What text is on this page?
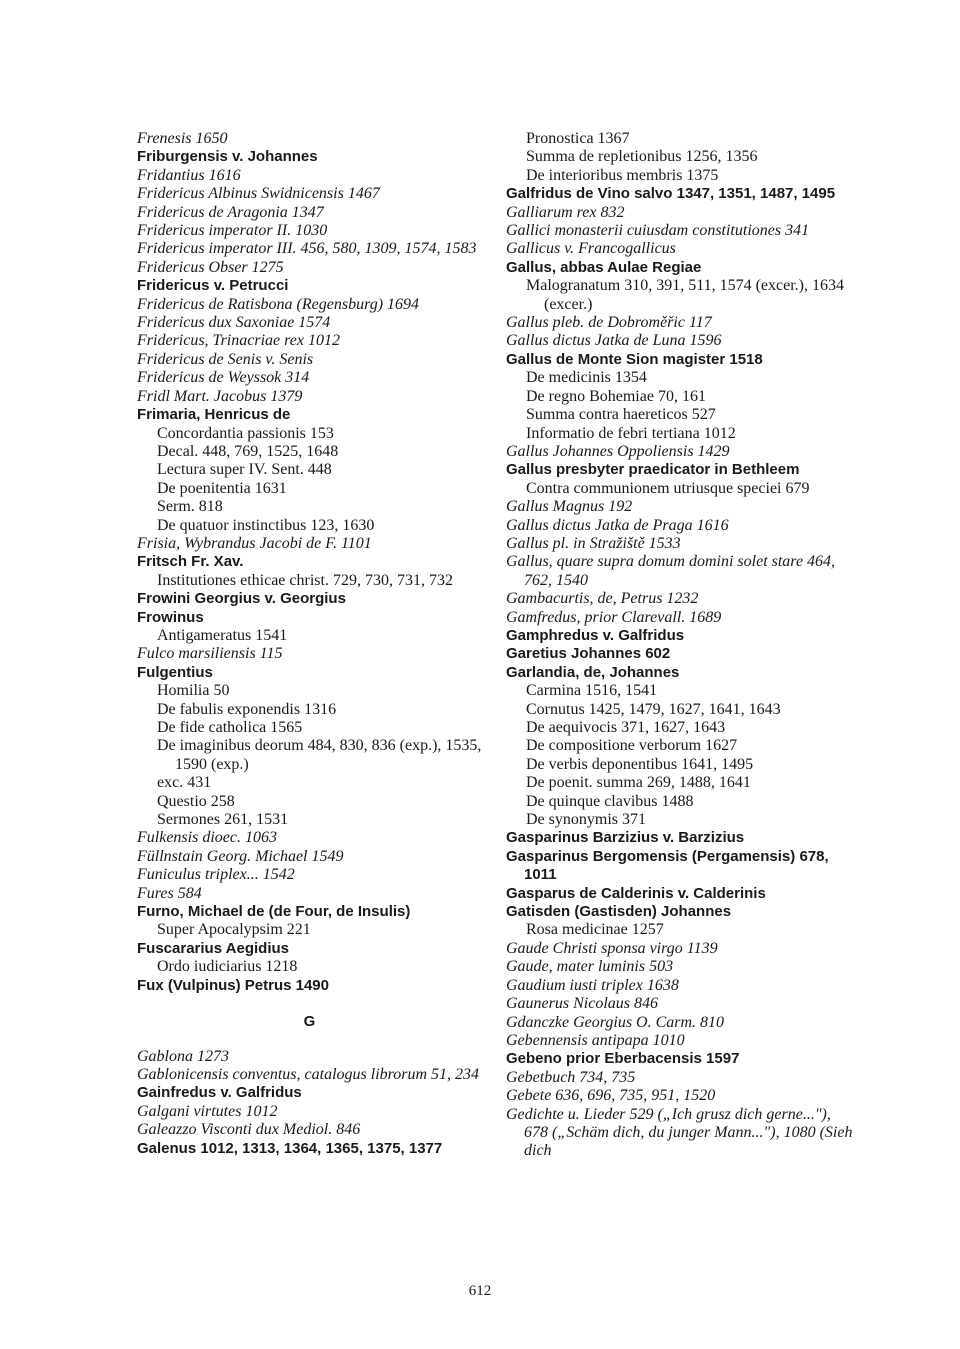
Frenesis 1650

Friburgensis v. Johannes

Fridantius 1616

Fridericus Albinus Swidnicensis 1467

Fridericus de Aragonia 1347

Fridericus imperator II. 1030

Fridericus imperator III. 456, 580, 1309, 1574, 1583

Fridericus Obser 1275

Fridericus v. Petrucci

Fridericus de Ratisbona (Regensburg) 1694

Fridericus dux Saxoniae 1574

Fridericus, Trinacriae rex 1012

Fridericus de Senis v. Senis

Fridericus de Weyssok 314

Fridl Mart. Jacobus 1379

Frimaria, Henricus de

Concordantia passionis 153

Decal. 448, 769, 1525, 1648

Lectura super IV. Sent. 448

De poenitentia 1631

Serm. 818

De quatuor instinctibus 123, 1630

Frisia, Wybrandus Jacobi de F. 1101

Fritsch Fr. Xav.

Institutiones ethicae christ. 729, 730, 731, 732

Frowini Georgius v. Georgius

Frowinus

Antigameratus 1541

Fulco marsiliensis 115

Fulgentius

Homilia 50

De fabulis exponendis 1316

De fide catholica 1565

De imaginibus deorum 484, 830, 836 (exp.), 1535, 1590 (exp.)

exc. 431

Questio 258

Sermones 261, 1531

Fulkensis dioec. 1063

Füllnstain Georg. Michael 1549

Funiculus triplex... 1542

Fures 584

Furno, Michael de (de Four, de Insulis)

Super Apocalypsim 221

Fuscararius Aegidius

Ordo iudiciarius 1218

Fux (Vulpinus) Petrus 1490

G

Gablona 1273

Gablonicensis conventus, catalogus librorum 51, 234

Gainfredus v. Galfridus

Galgani virtutes 1012

Galeazzo Visconti dux Mediol. 846

Galenus 1012, 1313, 1364, 1365, 1375, 1377

Pronostica 1367

Summa de repletionibus 1256, 1356

De interioribus membris 1375

Galfridus de Vino salvo 1347, 1351, 1487, 1495

Galliarum rex 832

Gallici monasterii cuiusdam constitutiones 341

Gallicus v. Francogallicus

Gallus, abbas Aulae Regiae

Malogranatum 310, 391, 511, 1574 (excer.), 1634 (excer.)

Gallus pleb. de Dobroměřic 117

Gallus dictus Jatka de Luna 1596

Gallus de Monte Sion magister 1518

De medicinis 1354

De regno Bohemiae 70, 161

Summa contra haereticos 527

Informatio de febri tertiana 1012

Gallus Johannes Oppoliensis 1429

Gallus presbyter praedicator in Bethleem

Contra communionem utriusque speciei 679

Gallus Magnus 192

Gallus dictus Jatka de Praga 1616

Gallus pl. in Stražiště 1533

Gallus, quare supra domum domini solet stare 464, 762, 1540

Gambacurtis, de, Petrus 1232

Gamfredus, prior Clarevall. 1689

Gamphredus v. Galfridus

Garetius Johannes 602

Garlandia, de, Johannes

Carmina 1516, 1541

Cornutus 1425, 1479, 1627, 1641, 1643

De aequivocis 371, 1627, 1643

De compositione verborum 1627

De verbis deponentibus 1641, 1495

De poenit. summa 269, 1488, 1641

De quinque clavibus 1488

De synonymis 371

Gasparinus Barzizius v. Barzizius

Gasparinus Bergomensis (Pergamensis) 678, 1011

Gasparus de Calderinis v. Calderinis

Gatisden (Gastisden) Johannes

Rosa medicinae 1257

Gaude Christi sponsa virgo 1139

Gaude, mater luminis 503

Gaudium iusti triplex 1638

Gaunerus Nicolaus 846

Gdanczke Georgius O. Carm. 810

Gebennensis antipapa 1010

Gebeno prior Eberbacensis 1597

Gebetbuch 734, 735

Gebete 636, 696, 735, 951, 1520

Gedichte u. Lieder 529 („Ich grusz dich gerne..."), 678 („Schäm dich, du junger Mann..."), 1080 (Sieh dich

612
